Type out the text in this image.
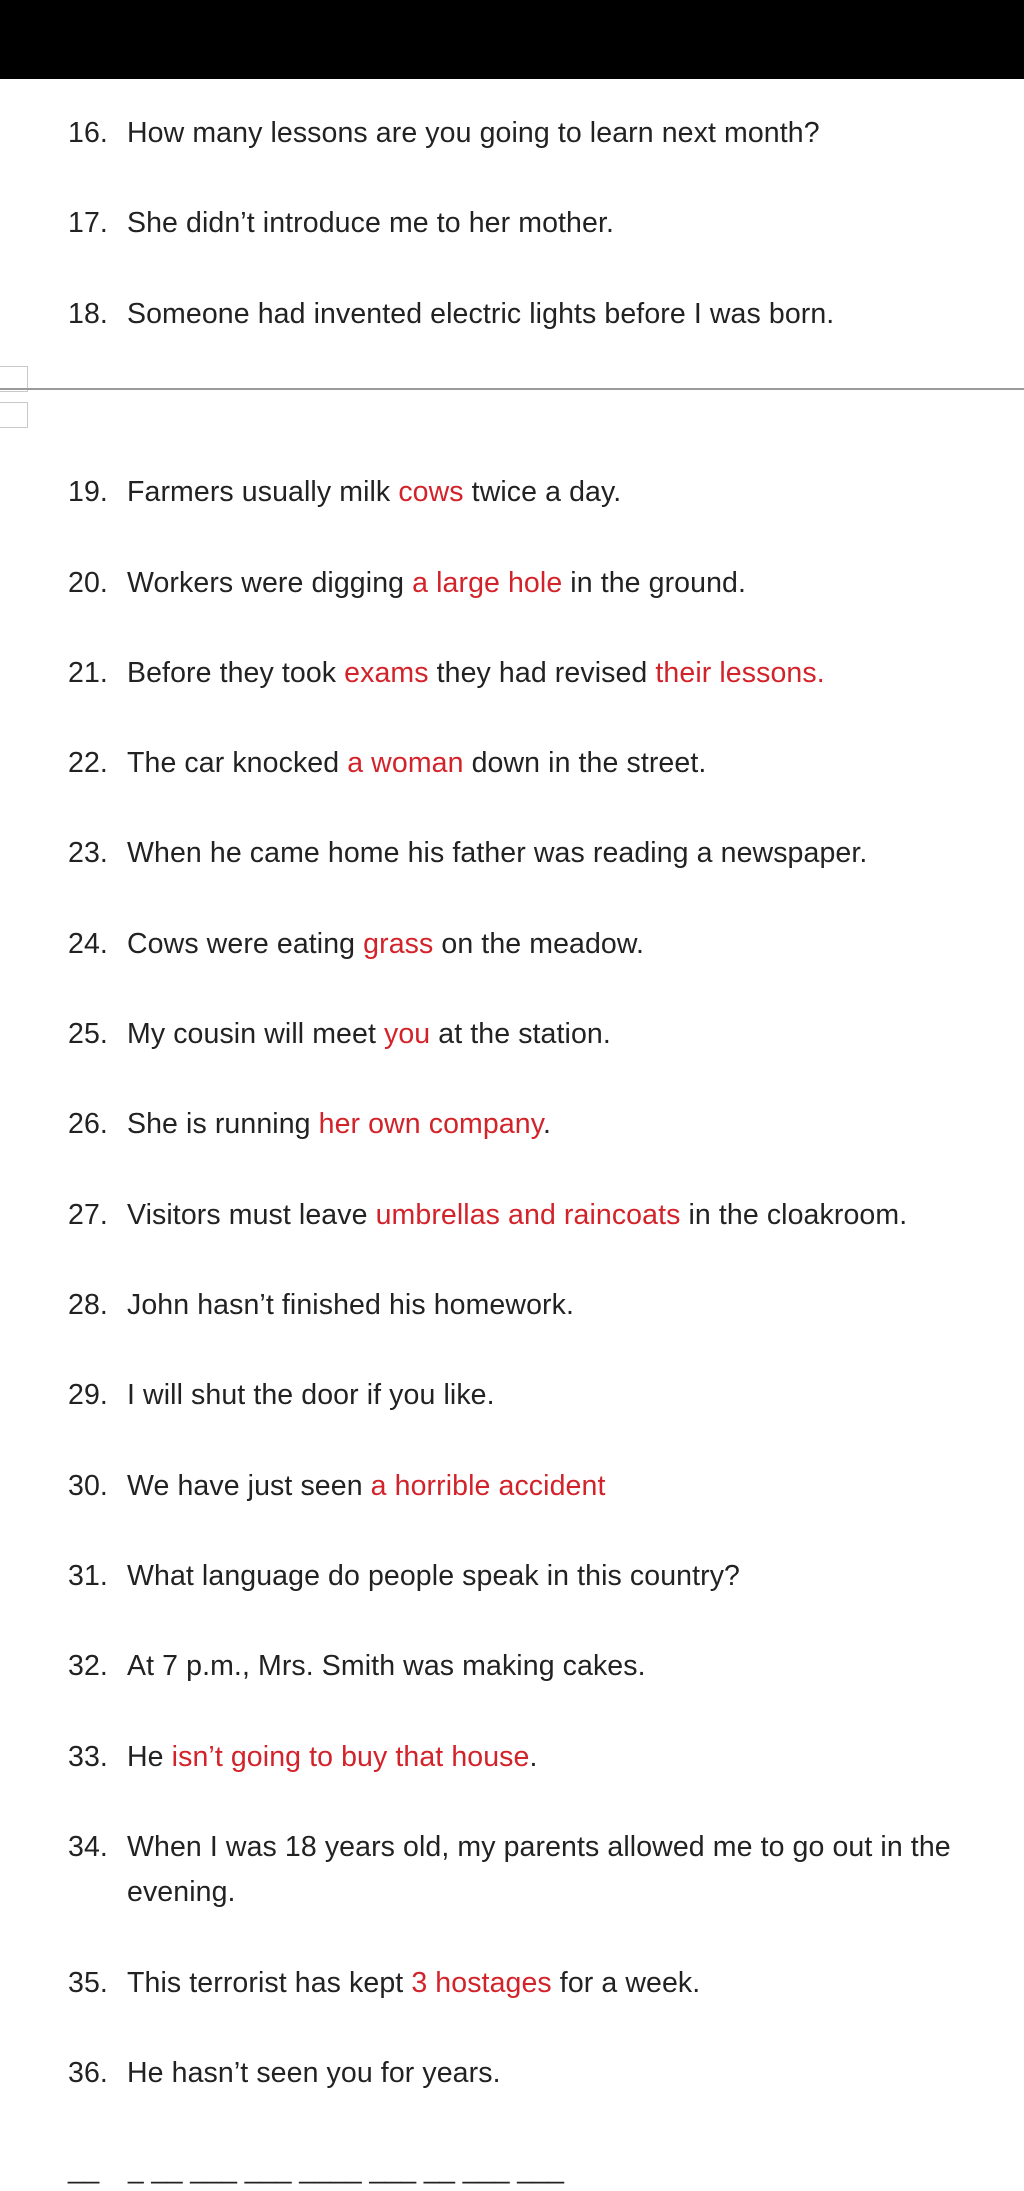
16. How many lessons are you going to learn next month?
17. She didn’t introduce me to her mother.
18. Someone had invented electric lights before I was born.
19. Farmers usually milk cows twice a day.
20. Workers were digging a large hole in the ground.
21. Before they took exams they had revised their lessons.
22. The car knocked a woman down in the street.
23. When he came home his father was reading a newspaper.
24. Cows were eating grass on the meadow.
25. My cousin will meet you at the station.
26. She is running her own company.
27. Visitors must leave umbrellas and raincoats in the cloakroom.
28. John hasn’t finished his homework.
29. I will shut the door if you like.
30. We have just seen a horrible accident
31. What language do people speak in this country?
32. At 7 p.m., Mrs. Smith was making cakes.
33. He isn’t going to buy that house.
34. When I was 18 years old, my parents allowed me to go out in the evening.
35. This terrorist has kept 3 hostages for a week.
36. He hasn’t seen you for years.
__ _ __ ___ ___ ____ ___ __ ___ ___
